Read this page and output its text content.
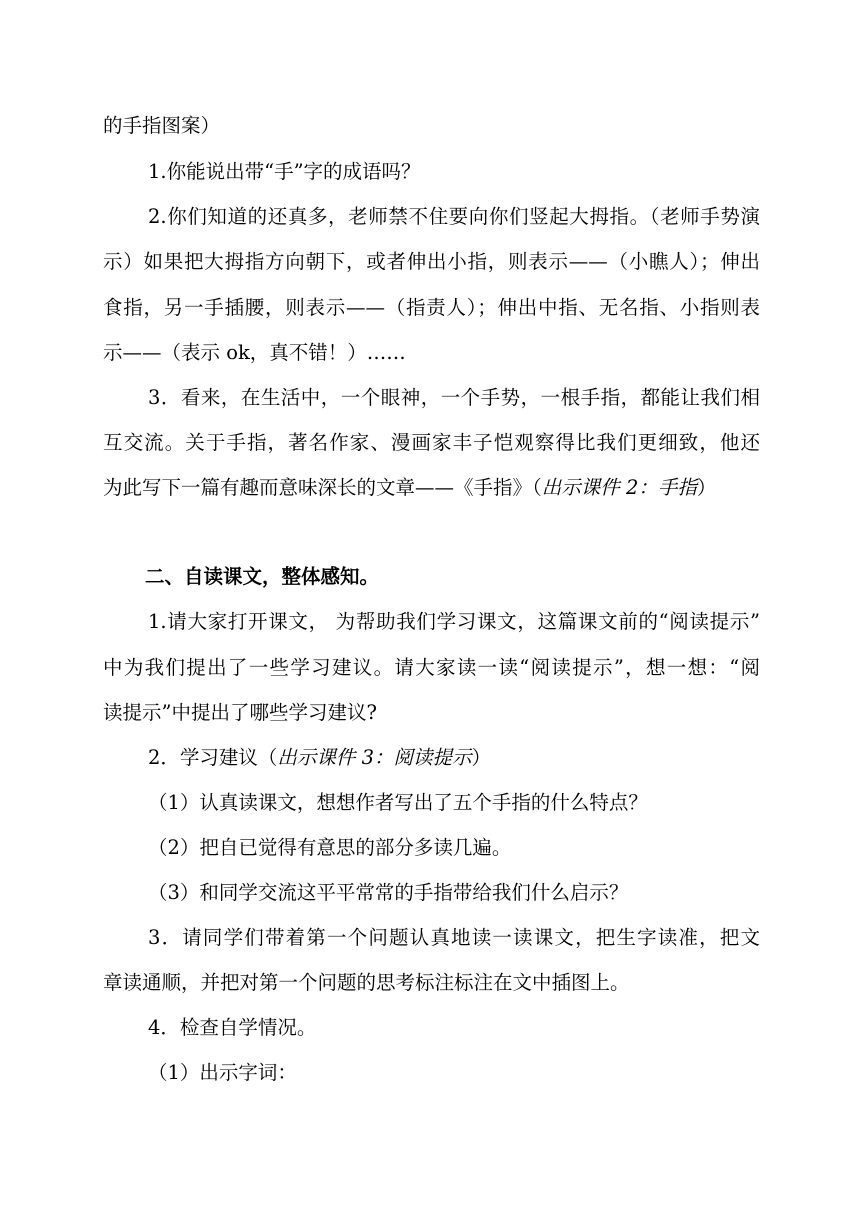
的手指图案）
1.你能说出带“手”字的成语吗？
2.你们知道的还真多，老师禁不住要向你们竖起大拇指。（老师手势演
示）如果把大拇指方向朝下，或者伸出小指，则表示——（小瞧人）；伸出
食指，另一手插腰，则表示——（指责人）；伸出中指、无名指、小指则表
示——（表示 ok，真不错！）……
3．看来，在生活中，一个眼神，一个手势，一根手指，都能让我们相
互交流。关于手指，著名作家、漫画家丰子恺观察得比我们更细致，他还
为此写下一篇有趣而意味深长的文章——《手指》（出示课件 2：手指）
二、自读课文，整体感知。
1.请大家打开课文， 为帮助我们学习课文，这篇课文前的“阅读提示”
中为我们提出了一些学习建议。请大家读一读“阅读提示”，想一想：“阅
读提示”中提出了哪些学习建议?
2．学习建议（出示课件 3：阅读提示）
（1）认真读课文，想想作者写出了五个手指的什么特点？
（2）把自已觉得有意思的部分多读几遍。
（3）和同学交流这平平常常的手指带给我们什么启示？
3．请同学们带着第一个问题认真地读一读课文，把生字读准，把文
章读通顺，并把对第一个问题的思考标注标注在文中插图上。
4．检查自学情况。
（1）出示字词：
